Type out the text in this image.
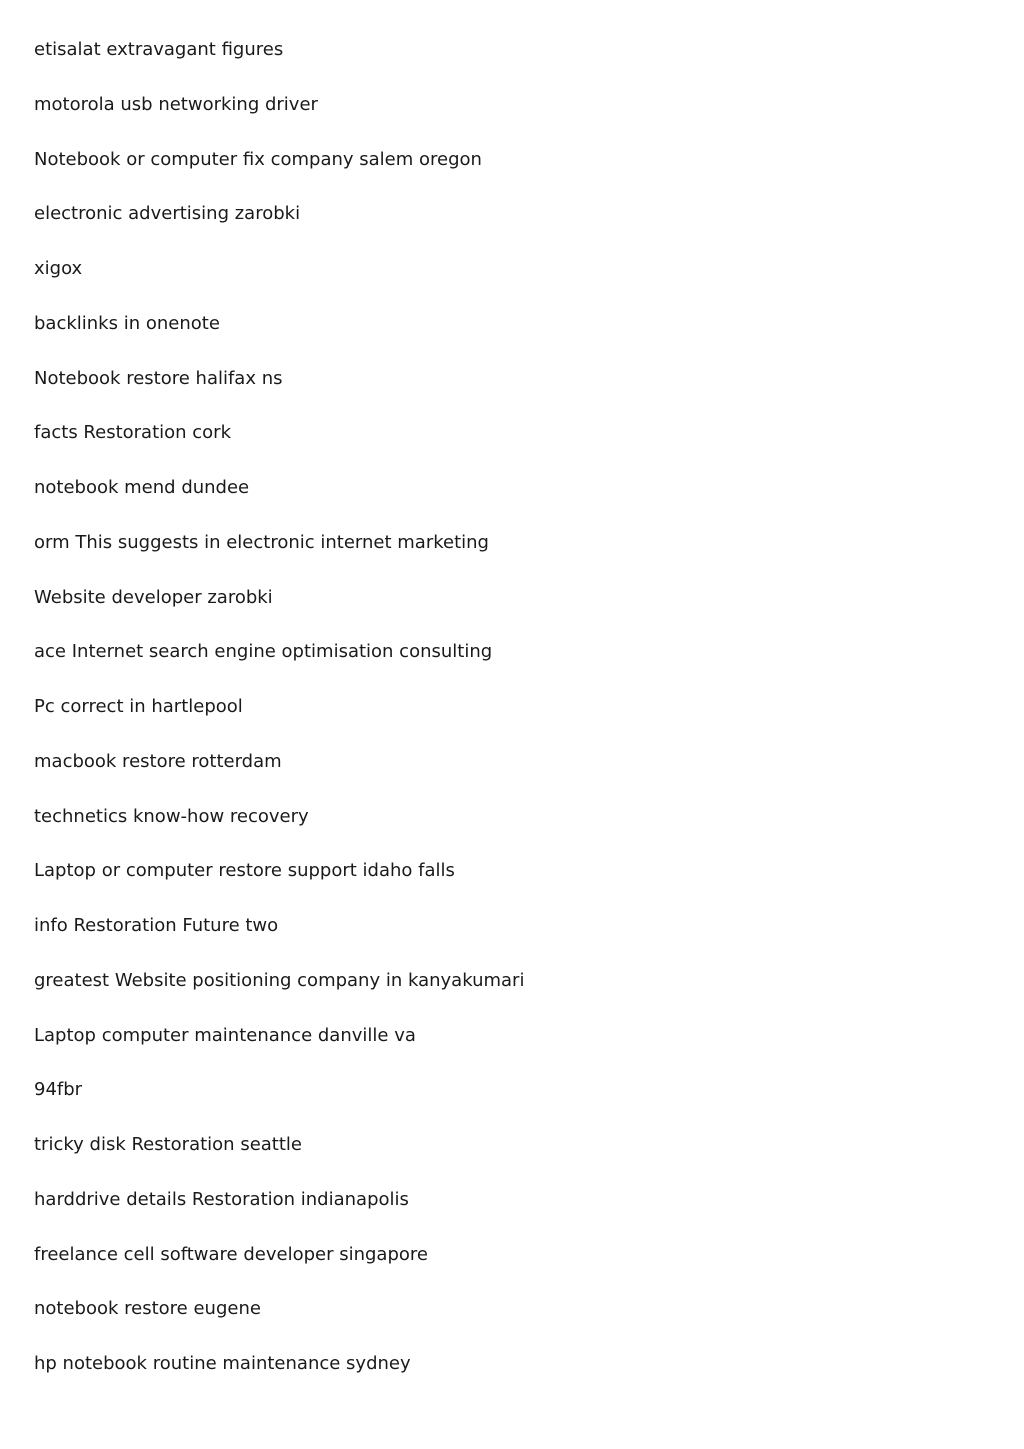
etisalat extravagant figures
motorola usb networking driver
Notebook or computer fix company salem oregon
electronic advertising zarobki
xigox
backlinks in onenote
Notebook restore halifax ns
facts Restoration cork
notebook mend dundee
orm This suggests in electronic internet marketing
Website developer zarobki
ace Internet search engine optimisation consulting
Pc correct in hartlepool
macbook restore rotterdam
technetics know-how recovery
Laptop or computer restore support idaho falls
info Restoration Future two
greatest Website positioning company in kanyakumari
Laptop computer maintenance danville va
94fbr
tricky disk Restoration seattle
harddrive details Restoration indianapolis
freelance cell software developer singapore
notebook restore eugene
hp notebook routine maintenance sydney
